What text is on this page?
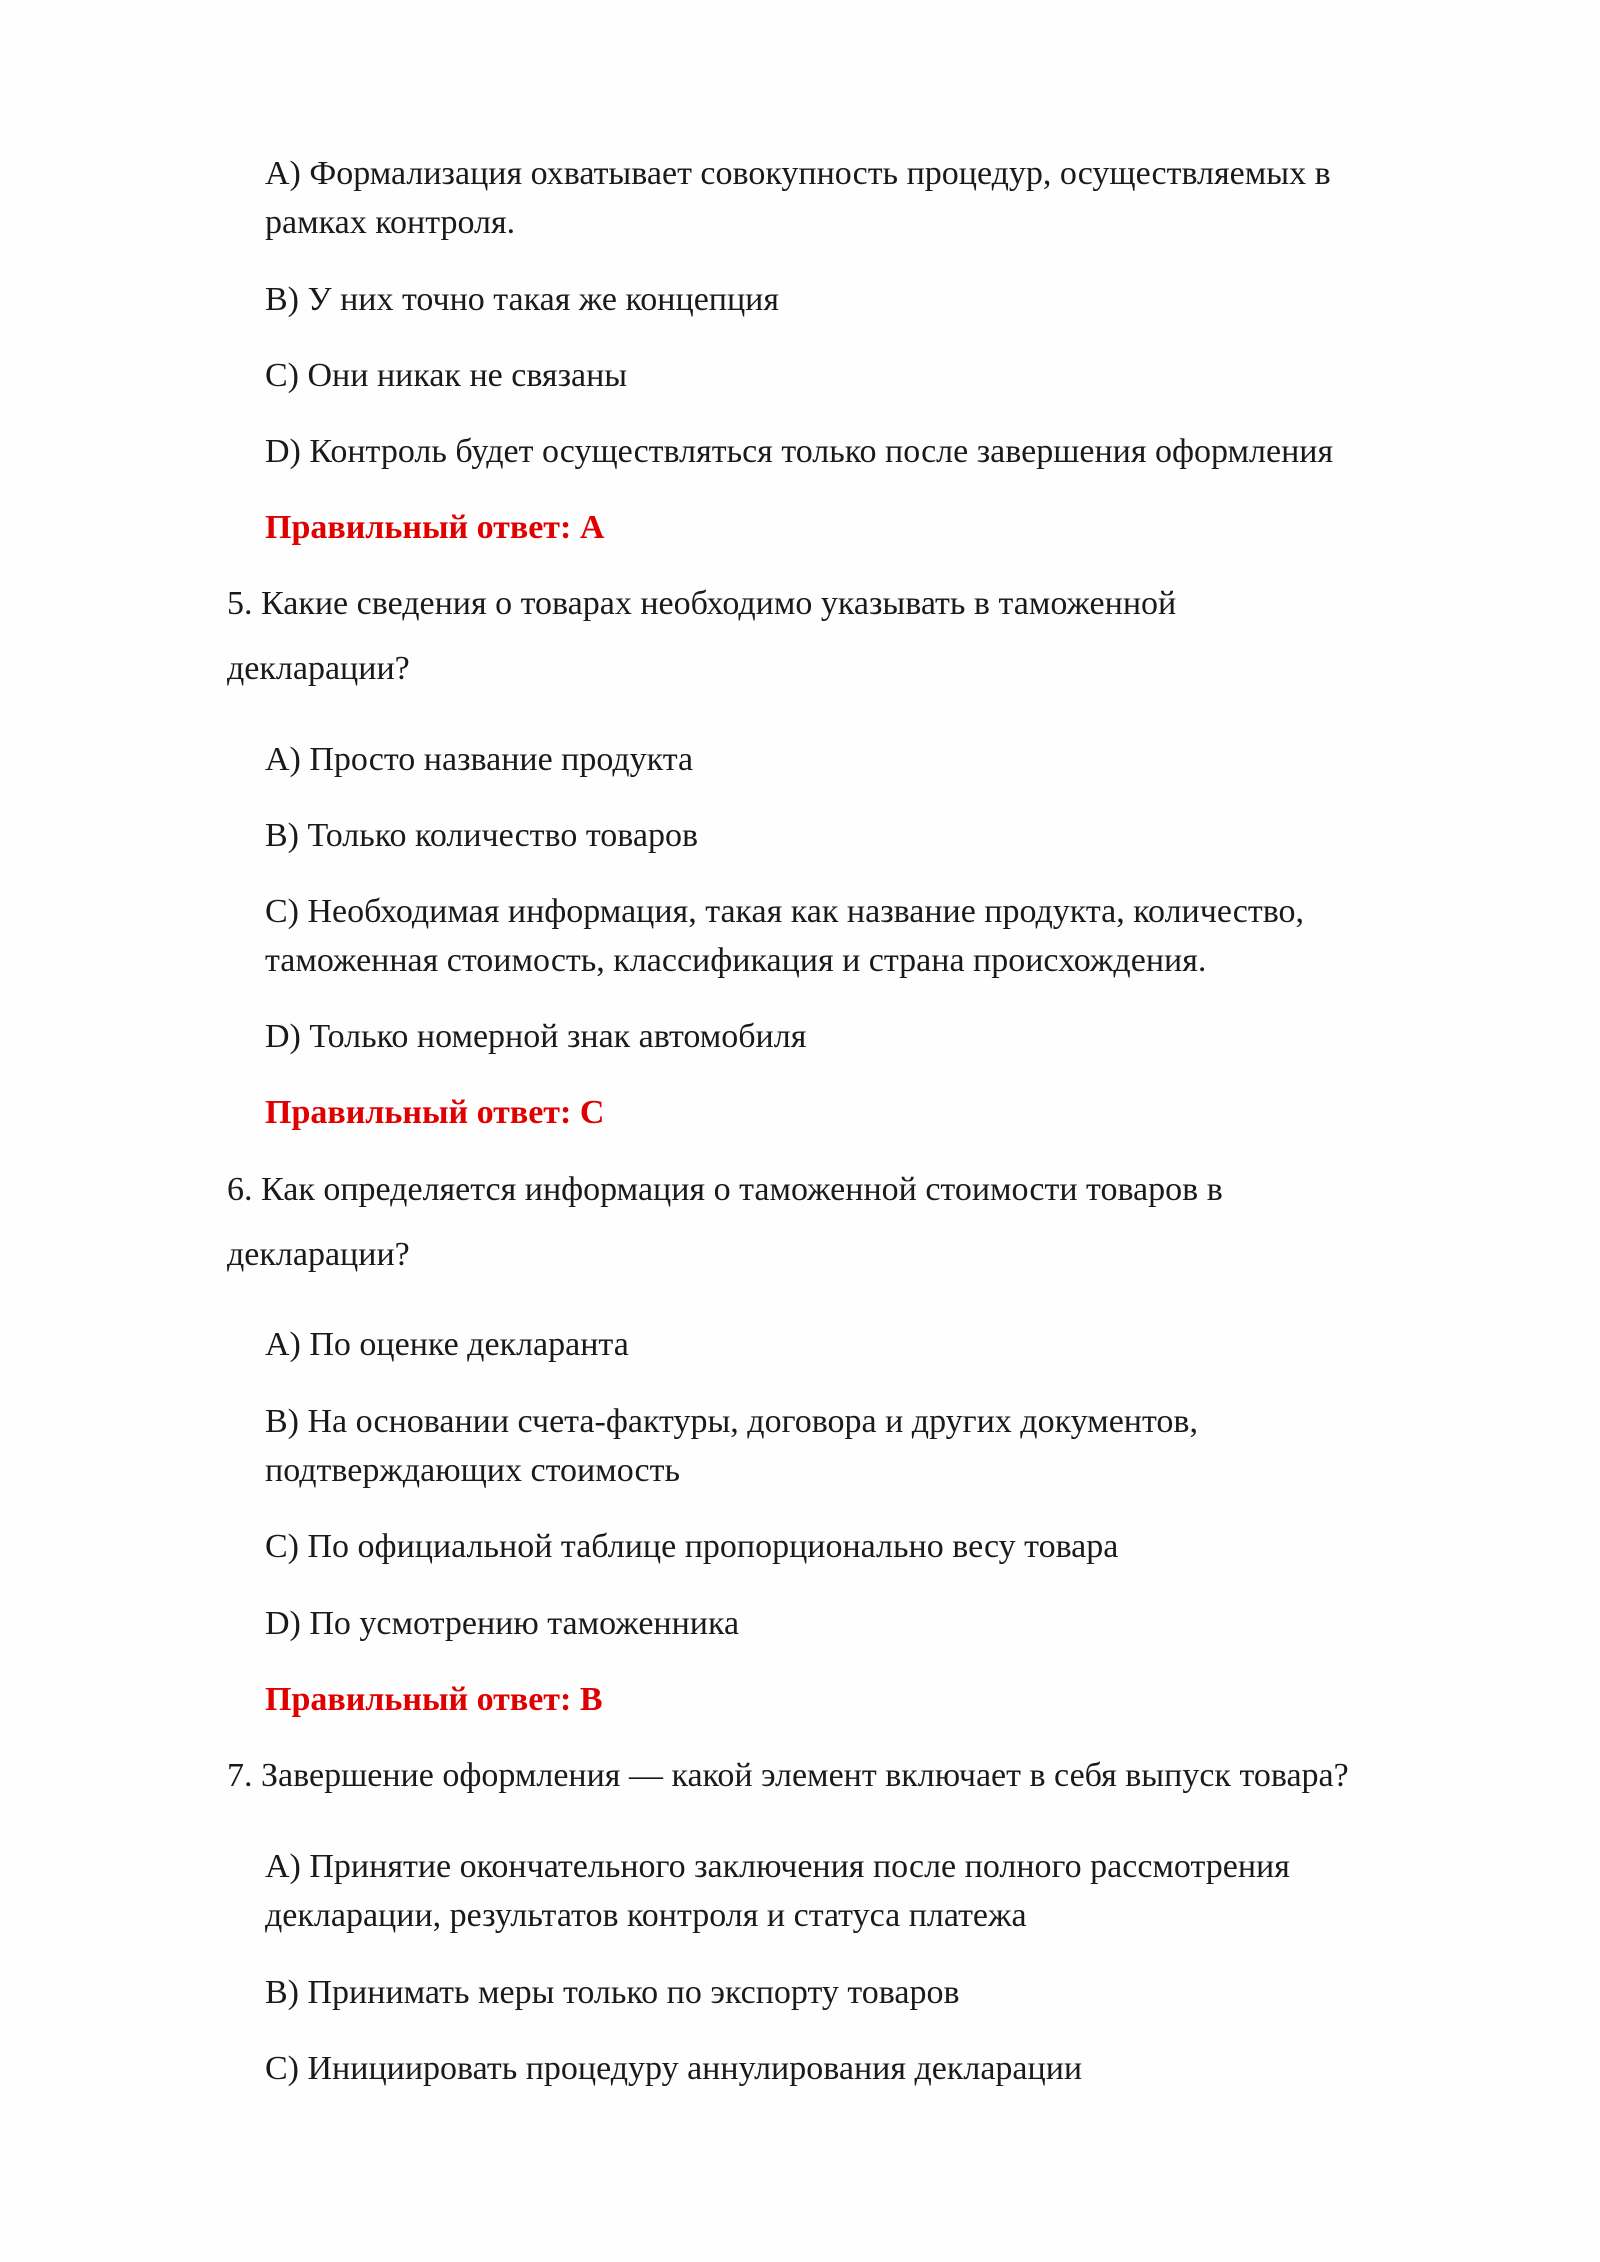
A) Формализация охватывает совокупность процедур, осуществляемых в
рамках контроля.
B) У них точно такая же концепция
C) Они никак не связаны
D) Контроль будет осуществляться только после завершения оформления
Правильный ответ: A
5. Какие сведения о товарах необходимо указывать в таможенной
декларации?
A) Просто название продукта
B) Только количество товаров
C) Необходимая информация, такая как название продукта, количество,
таможенная стоимость, классификация и страна происхождения.
D) Только номерной знак автомобиля
Правильный ответ: C
6. Как определяется информация о таможенной стоимости товаров в
декларации?
A) По оценке декларанта
B) На основании счета-фактуры, договора и других документов,
подтверждающих стоимость
C) По официальной таблице пропорционально весу товара
D) По усмотрению таможенника
Правильный ответ: B
7. Завершение оформления — какой элемент включает в себя выпуск товара?
A) Принятие окончательного заключения после полного рассмотрения
декларации, результатов контроля и статуса платежа
B) Принимать меры только по экспорту товаров
C) Инициировать процедуру аннулирования декларации
